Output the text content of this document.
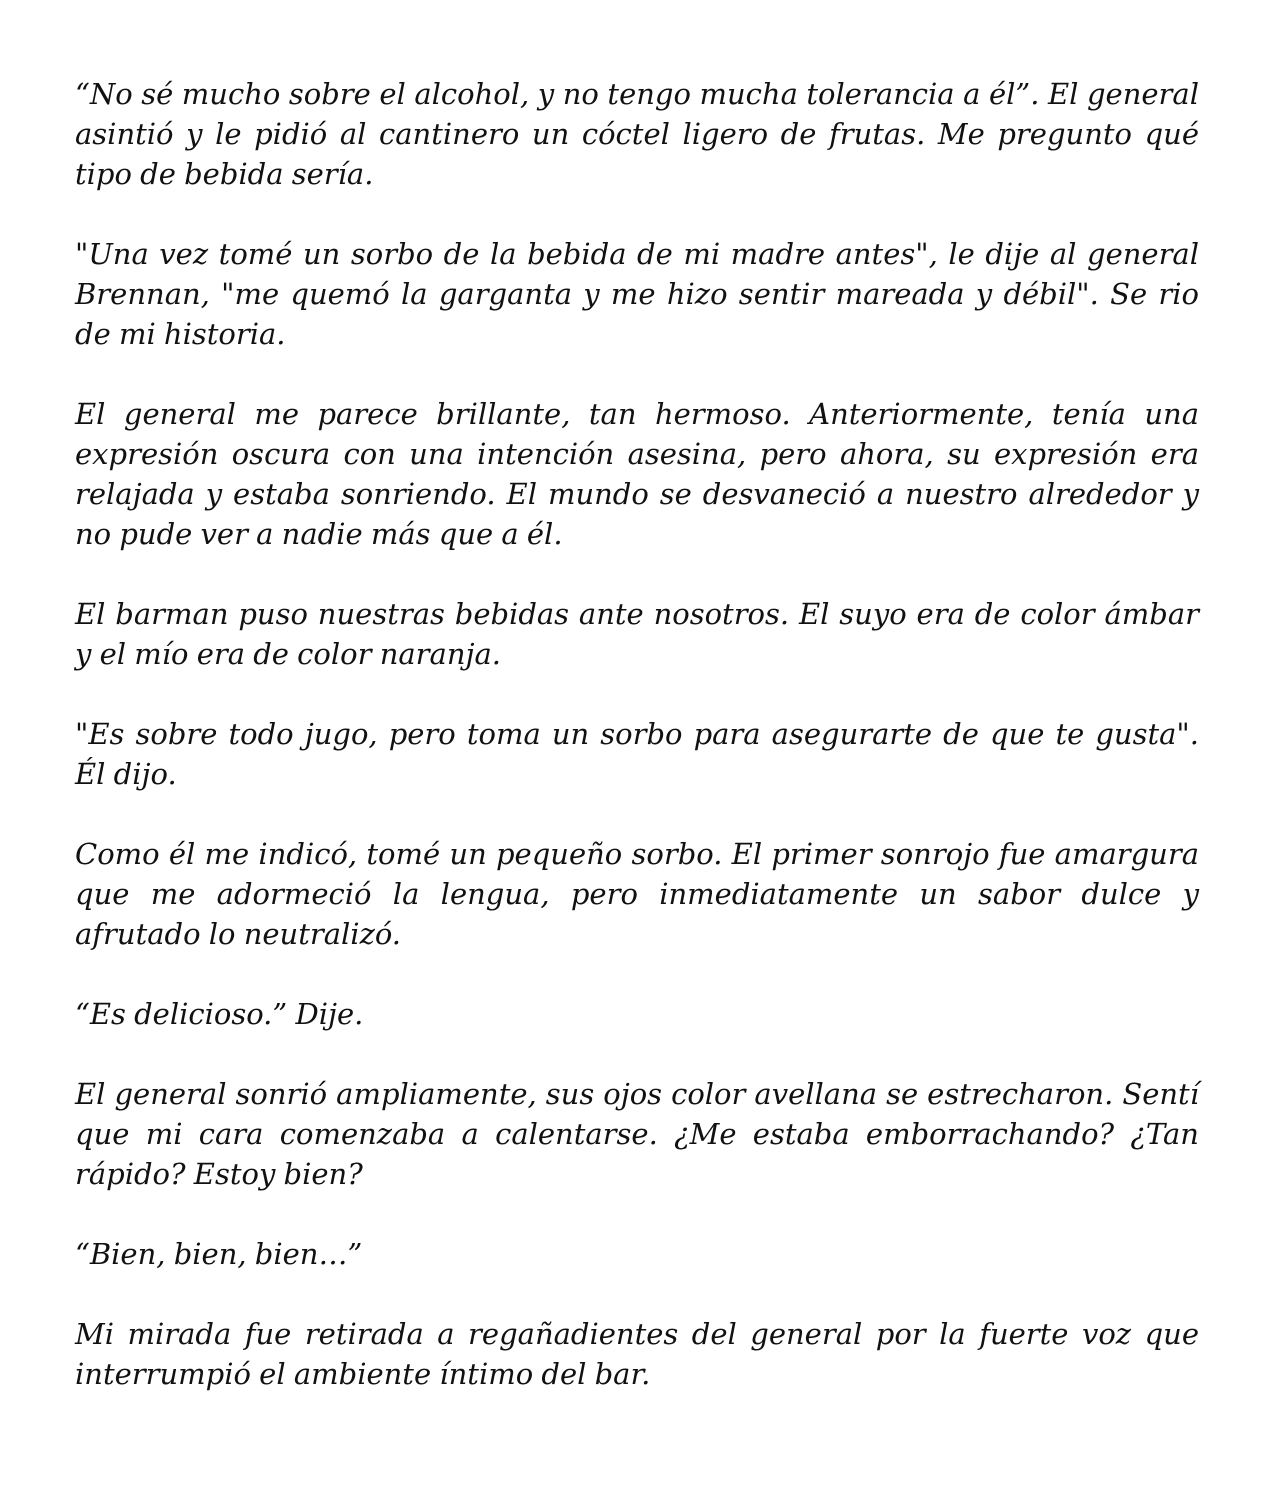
“No sé mucho sobre el alcohol, y no tengo mucha tolerancia a él”. El general asintió y le pidió al cantinero un cóctel ligero de frutas. Me pregunto qué tipo de bebida sería.

"Una vez tomé un sorbo de la bebida de mi madre antes", le dije al general Brennan, "me quemó la garganta y me hizo sentir mareada y débil". Se rio de mi historia.

El general me parece brillante, tan hermoso. Anteriormente, tenía una expresión oscura con una intención asesina, pero ahora, su expresión era relajada y estaba sonriendo. El mundo se desvaneció a nuestro alrededor y no pude ver a nadie más que a él.

El barman puso nuestras bebidas ante nosotros. El suyo era de color ámbar y el mío era de color naranja.

"Es sobre todo jugo, pero toma un sorbo para asegurarte de que te gusta". Él dijo.

Como él me indicó, tomé un pequeño sorbo. El primer sonrojo fue amargura que me adormeció la lengua, pero inmediatamente un sabor dulce y afrutado lo neutralizó.

“Es delicioso.” Dije.

El general sonrió ampliamente, sus ojos color avellana se estrecharon. Sentí que mi cara comenzaba a calentarse. ¿Me estaba emborrachando? ¿Tan rápido? Estoy bien?

“Bien, bien, bien…”

Mi mirada fue retirada a regañadientes del general por la fuerte voz que interrumpió el ambiente íntimo del bar.
